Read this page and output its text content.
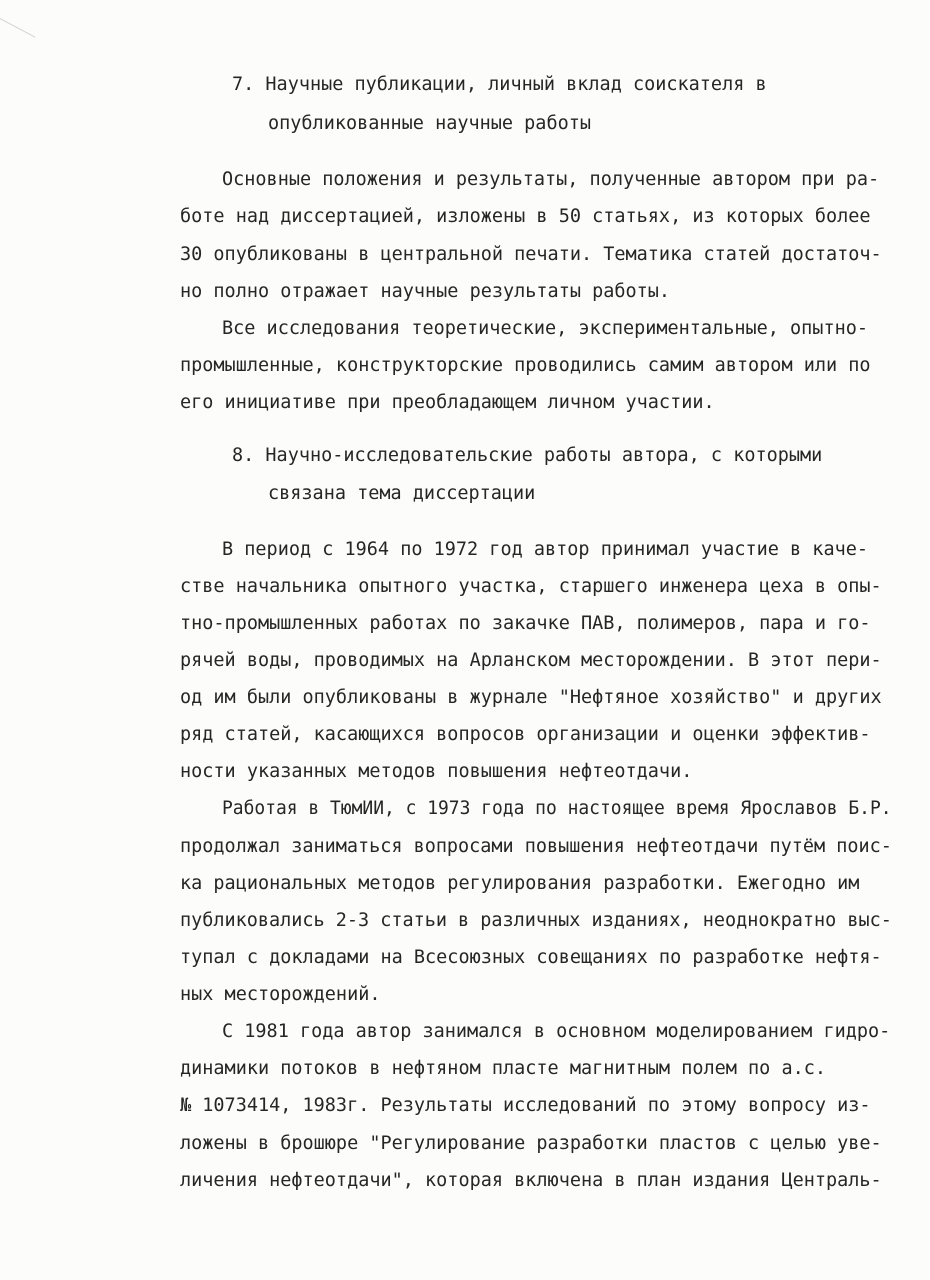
7. Научные публикации, личный вклад соискателя в
опубликованные научные работы
Основные положения и результаты, полученные автором при ра-
боте над диссертацией, изложены в 50 статьях, из которых более
30 опубликованы в центральной печати. Тематика статей достаточ-
но полно отражает научные результаты работы.
Все исследования теоретические, экспериментальные, опытно-
промышленные, конструкторские проводились самим автором или по
его инициативе при преобладающем личном участии.
8. Научно-исследовательские работы автора, с которыми
связана тема диссертации
В период с 1964 по 1972 год автор принимал участие в каче-
стве начальника опытного участка, старшего инженера цеха в опы-
тно-промышленных работах по закачке ПАВ, полимеров, пара и го-
рячей воды, проводимых на Арланском месторождении. В этот пери-
од им были опубликованы в журнале "Нефтяное хозяйство" и других
ряд статей, касающихся вопросов организации и оценки эффектив-
ности указанных методов повышения нефтеотдачи.
Работая в ТюмИИ, с 1973 года по настоящее время Ярославов Б.Р.
продолжал заниматься вопросами повышения нефтеотдачи путём поис-
ка рациональных методов регулирования разработки. Ежегодно им
публиковались 2-3 статьи в различных изданиях, неоднократно выс-
тупал с докладами на Всесоюзных совещаниях по разработке нефтя-
ных месторождений.
С 1981 года автор занимался в основном моделированием гидро-
динамики потоков в нефтяном пласте магнитным полем по а.с.
№ 1073414, 1983г. Результаты исследований по этому вопросу из-
ложены в брошюре "Регулирование разработки пластов с целью уве-
личения нефтеотдачи", которая включена в план издания Централь-
